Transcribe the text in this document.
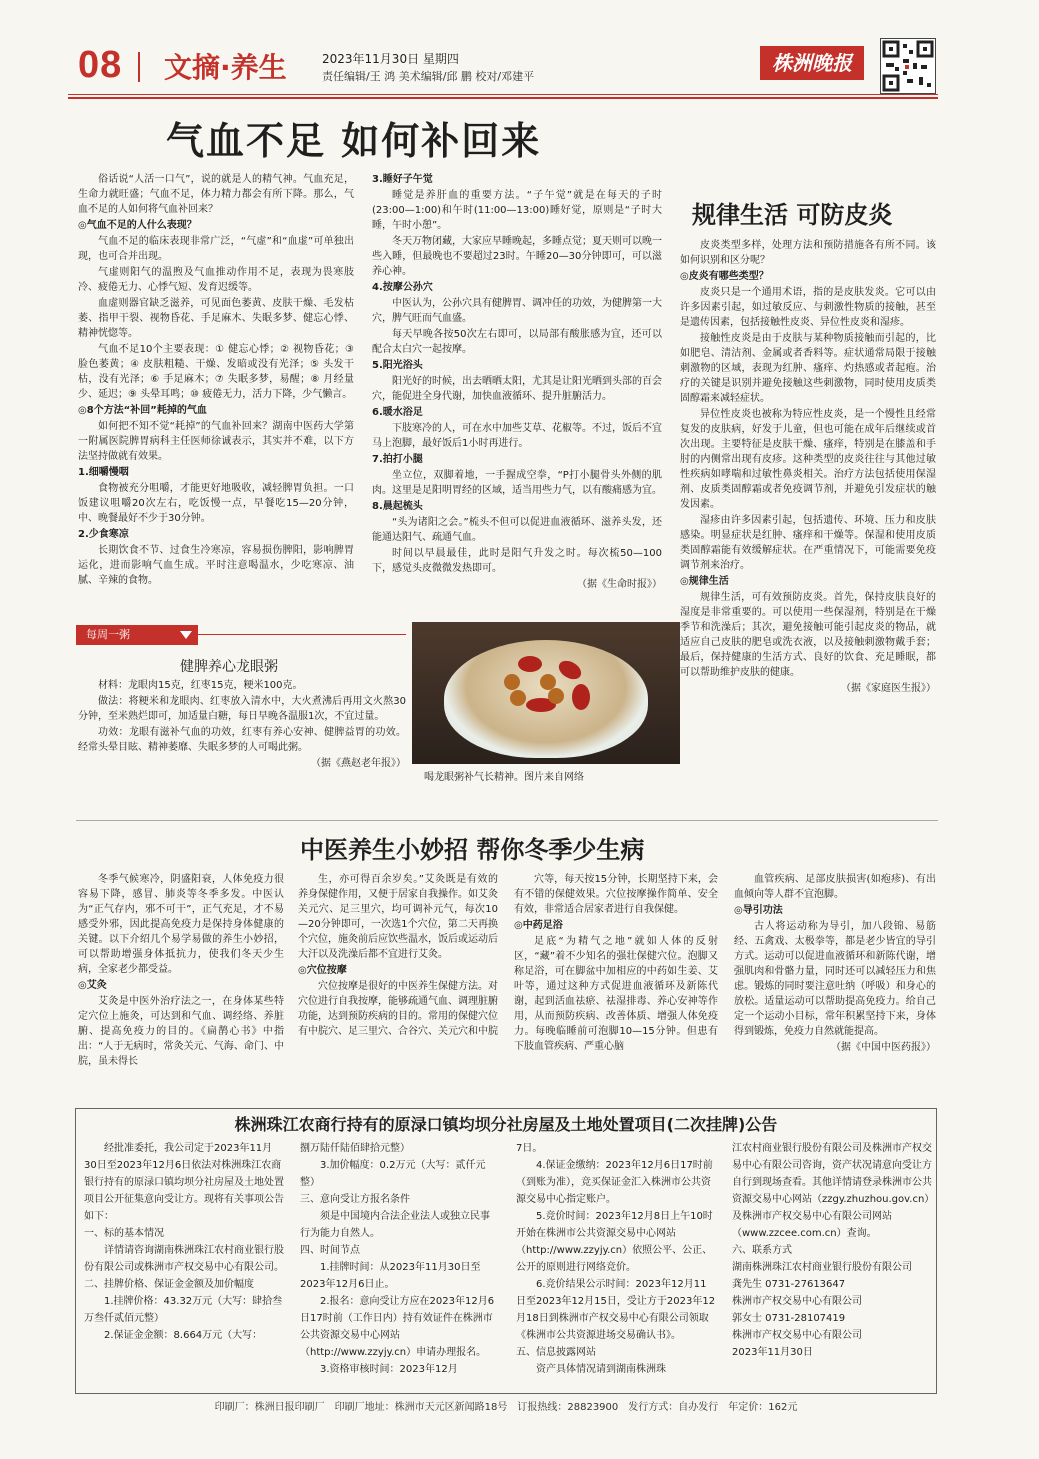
08 文摘·养生	2023年11月30日 星期四
责任编辑/王 鸿 美术编辑/邱 鹏 校对/邓建平
株洲晚报
气血不足 如何补回来

俗话说“人活一口气”，说的就是人的精气神。气血充足，生命力就旺盛；气血不足，体力精力都会有所下降。那么，气血不足的人如何将气血补回来？

◎气血不足的人什么表现？

气血不足的临床表现非常广泛，“气虚”和“血虚”可单独出现，也可合并出现。

气虚则阳气的温煦及气血推动作用不足，表现为畏寒肢冷、疲倦无力、心悸气短、发育迟缓等。

血虚则器官缺乏滋养，可见面色萎黄、皮肤干燥、毛发枯萎、指甲干裂、视物昏花、手足麻木、失眠多梦、健忘心悸、精神恍惚等。

气血不足10个主要表现：① 健忘心悸；② 视物昏花；③ 脸色萎黄；④ 皮肤粗糙、干燥、发暗或没有光泽；⑤ 头发干枯，没有光泽；⑥ 手足麻木；⑦ 失眠多梦，易醒；⑧ 月经量少、延迟；⑨ 头晕耳鸣；⑩ 疲倦无力，活力下降，少气懒言。

◎8个方法“补回”耗掉的气血

如何把不知不觉“耗掉”的气血补回来？湖南中医药大学第一附属医院脾胃病科主任医师徐诚表示，其实并不难，以下方法坚持做就有效果。

1.细嚼慢咽

食物被充分咀嚼，才能更好地吸收，减轻脾胃负担。一口饭建议咀嚼20次左右，吃饭慢一点，早餐吃15—20分钟，中、晚餐最好不少于30分钟。

2.少食寒凉

长期饮食不节、过食生冷寒凉，容易损伤脾阳，影响脾胃运化，进而影响气血生成。平时注意喝温水，少吃寒凉、油腻、辛辣的食物。

3.睡好子午觉

睡觉是养肝血的重要方法。“子午觉”就是在每天的子时(23:00—1:00)和午时(11:00—13:00)睡好觉，原则是“子时大睡，午时小憩”。

冬天万物闭藏，大家应早睡晚起，多睡点觉；夏天则可以晚一些入睡，但最晚也不要超过23时。午睡20—30分钟即可，可以滋养心神。

4.按摩公孙穴

中医认为，公孙穴具有健脾胃、调冲任的功效，为健脾第一大穴，脾气旺而气血盛。

每天早晚各按50次左右即可，以局部有酸胀感为宜，还可以配合太白穴一起按摩。

5.阳光浴头

阳光好的时候，出去晒晒太阳，尤其是让阳光晒到头部的百会穴，能促进全身代谢，加快血液循环、提升脏腑活力。

6.暖水浴足

下肢寒冷的人，可在水中加些艾草、花椒等。不过，饭后不宜马上泡脚，最好饭后1小时再进行。

7.拍打小腿

坐立位，双脚着地，一手握成空拳，“P打小腿骨头外侧的肌肉。这里是足阳明胃经的区域，适当用些力气，以有酸痛感为宜。

8.晨起梳头

“头为诸阳之会。”梳头不但可以促进血液循环、滋养头发，还能通达阳气、疏通气血。

时间以早晨最佳，此时是阳气升发之时。每次梳50—100下，感觉头皮微微发热即可。

（据《生命时报》）

每周一粥
健脾养心龙眼粥

材料：龙眼肉15克，红枣15克，粳米100克。

做法：将粳米和龙眼肉、红枣放入清水中，大火煮沸后再用文火熬30分钟，至米熟烂即可，加适量白糖，每日早晚各温服1次，不宜过量。

功效：龙眼有滋补气血的功效，红枣有养心安神、健脾益胃的功效。经常头晕目眩、精神萎靡、失眠多梦的人可喝此粥。

（据《燕赵老年报》）

喝龙眼粥补气长精神。图片来自网络
规律生活 可防皮炎

皮炎类型多样，处理方法和预防措施各有所不同。该如何识别和区分呢？

◎皮炎有哪些类型？

皮炎只是一个通用术语，指的是皮肤发炎。它可以由许多因素引起，如过敏反应、与刺激性物质的接触，甚至是遗传因素，包括接触性皮炎、异位性皮炎和湿疹。

接触性皮炎是由于皮肤与某种物质接触而引起的，比如肥皂、清洁剂、金属或者香料等。症状通常局限于接触刺激物的区域，表现为红肿、瘙痒、灼热感或者起疱。治疗的关键是识别并避免接触这些刺激物，同时使用皮质类固醇霜来减轻症状。

异位性皮炎也被称为特应性皮炎，是一个慢性且经常复发的皮肤病，好发于儿童，但也可能在成年后继续或首次出现。主要特征是皮肤干燥、瘙痒，特别是在膝盖和手肘的内侧常出现有皮疹。这种类型的皮炎往往与其他过敏性疾病如哮喘和过敏性鼻炎相关。治疗方法包括使用保湿剂、皮质类固醇霜或者免疫调节剂，并避免引发症状的触发因素。

湿疹由许多因素引起，包括遗传、环境、压力和皮肤感染。明显症状是红肿、瘙痒和干燥等。保湿和使用皮质类固醇霜能有效缓解症状。在严重情况下，可能需要免疫调节剂来治疗。

◎规律生活

规律生活，可有效预防皮炎。首先，保持皮肤良好的湿度是非常重要的。可以使用一些保湿剂，特别是在干燥季节和洗澡后；其次，避免接触可能引起皮炎的物品，就适应自己皮肤的肥皂或洗衣液，以及接触刺激物戴手套；最后，保持健康的生活方式、良好的饮食、充足睡眠，都可以帮助维护皮肤的健康。

（据《家庭医生报》）

中医养生小妙招 帮你冬季少生病

冬季气候寒冷，阴盛阳衰，人体免疫力很容易下降，感冒、肺炎等冬季多发。中医认为“正气存内，邪不可干”，正气充足，才不易感受外邪，因此提高免疫力是保持身体健康的关键。以下介绍几个易学易做的养生小妙招，可以帮助增强身体抵抗力，使我们冬天少生病，全家老少都受益。

◎艾灸

艾灸是中医外治疗法之一，在身体某些特定穴位上施灸，可达到和气血、调经络、养脏腑、提高免疫力的目的。《扁鹊心书》中指出：“人于无病时，常灸关元、气海、命门、中脘，虽未得长

生，亦可得百余岁矣。”艾灸既是有效的养身保健作用，又便于居家自我操作。如艾灸关元穴、足三里穴，均可调补元气，每次10—20分钟即可，一次选1个穴位，第二天再换个穴位，施灸前后应饮些温水，饭后或运动后大汗以及洗澡后都不宜进行艾灸。

◎穴位按摩

穴位按摩是很好的中医养生保健方法。对穴位进行自我按摩，能够疏通气血、调理脏腑功能，达到预防疾病的目的。常用的保健穴位有中脘穴、足三里穴、合谷穴、关元穴和中脘

穴等，每天按15分钟，长期坚持下来，会有不错的保健效果。穴位按摩操作简单、安全有效，非常适合居家者进行自我保健。

◎中药足浴

足底“为精气之地”就如人体的反射区，“藏”着不少知名的强壮保健穴位。泡脚又称足浴，可在脚盆中加相应的中药如生姜、艾叶等，通过这种方式促进血液循环及新陈代谢，起到活血祛瘀、祛湿排毒、养心安神等作用，从而预防疾病、改善体质、增强人体免疫力。每晚临睡前可泡脚10—15分钟。但患有下肢血管疾病、严重心脑

血管疾病、足部皮肤损害(如疱疹)、有出血倾向等人群不宜泡脚。

◎导引功法

古人将运动称为导引，加八段锦、易筋经、五禽戏、太极拳等，都是老少皆宜的导引方式。运动可以促进血液循环和新陈代谢，增强肌肉和骨骼力量，同时还可以减轻压力和焦虑。锻炼的同时要注意吐纳（呼吸）和身心的放松。适量运动可以帮助提高免疫力。给自己定一个运动小目标，常年积累坚持下来，身体得到锻炼，免疫力自然就能提高。

（据《中国中医药报》）

株洲珠江农商行持有的原渌口镇均坝分社房屋及土地处置项目(二次挂牌)公告

经批准委托，我公司定于2023年11月30日至2023年12月6日依法对株洲珠江农商银行持有的原渌口镇均坝分社房屋及土地处置项目公开征集意向受让方。现将有关事项公告如下：

一、标的基本情况

详情请咨询湖南株洲珠江农村商业银行股份有限公司或株洲市产权交易中心有限公司。

二、挂牌价格、保证金金额及加价幅度

1.挂牌价格：43.32万元（大写：肆拾叁万叁仟贰佰元整）

2.保证金金额：8.664万元（大写：

捌万陆仟陆佰肆拾元整）

3.加价幅度：0.2万元（大写：贰仟元整）

三、意向受让方报名条件

须是中国境内合法企业法人或独立民事行为能力自然人。

四、时间节点

1.挂牌时间：从2023年11月30日至2023年12月6日止。

2.报名：意向受让方应在2023年12月6日17时前（工作日内）持有效证件在株洲市公共资源交易中心网站（http://www.zzyjy.cn）申请办理报名。

3.资格审核时间：2023年12月

7日。

4.保证金缴纳：2023年12月6日17时前（到账为准），竞买保证金汇入株洲市公共资源交易中心指定账户。

5.竞价时间：2023年12月8日上午10时开始在株洲市公共资源交易中心网站（http://www.zzyjy.cn）依照公平、公正、公开的原则进行网络竞价。

6.竞价结果公示时间：2023年12月11日至2023年12月15日，受让方于2023年12月18日到株洲市产权交易中心有限公司领取《株洲市公共资源进场交易确认书》。

五、信息披露网站

资产具体情况请到湖南株洲珠

江农村商业银行股份有限公司及株洲市产权交易中心有限公司咨询，资产状况请意向受让方自行到现场查看。其他详情请登录株洲市公共资源交易中心网站（zzgy.zhuzhou.gov.cn）及株洲市产权交易中心有限公司网站（www.zzcee.com.cn）查询。

六、联系方式

湖南株洲珠江农村商业银行股份有限公司

龚先生 0731-27613647

株洲市产权交易中心有限公司

郭女士 0731-28107419

株洲市产权交易中心有限公司

2023年11月30日

印刷厂：株洲日报印刷厂　印刷厂地址：株洲市天元区新闻路18号　订报热线：28823900　发行方式：自办发行　年定价：162元
